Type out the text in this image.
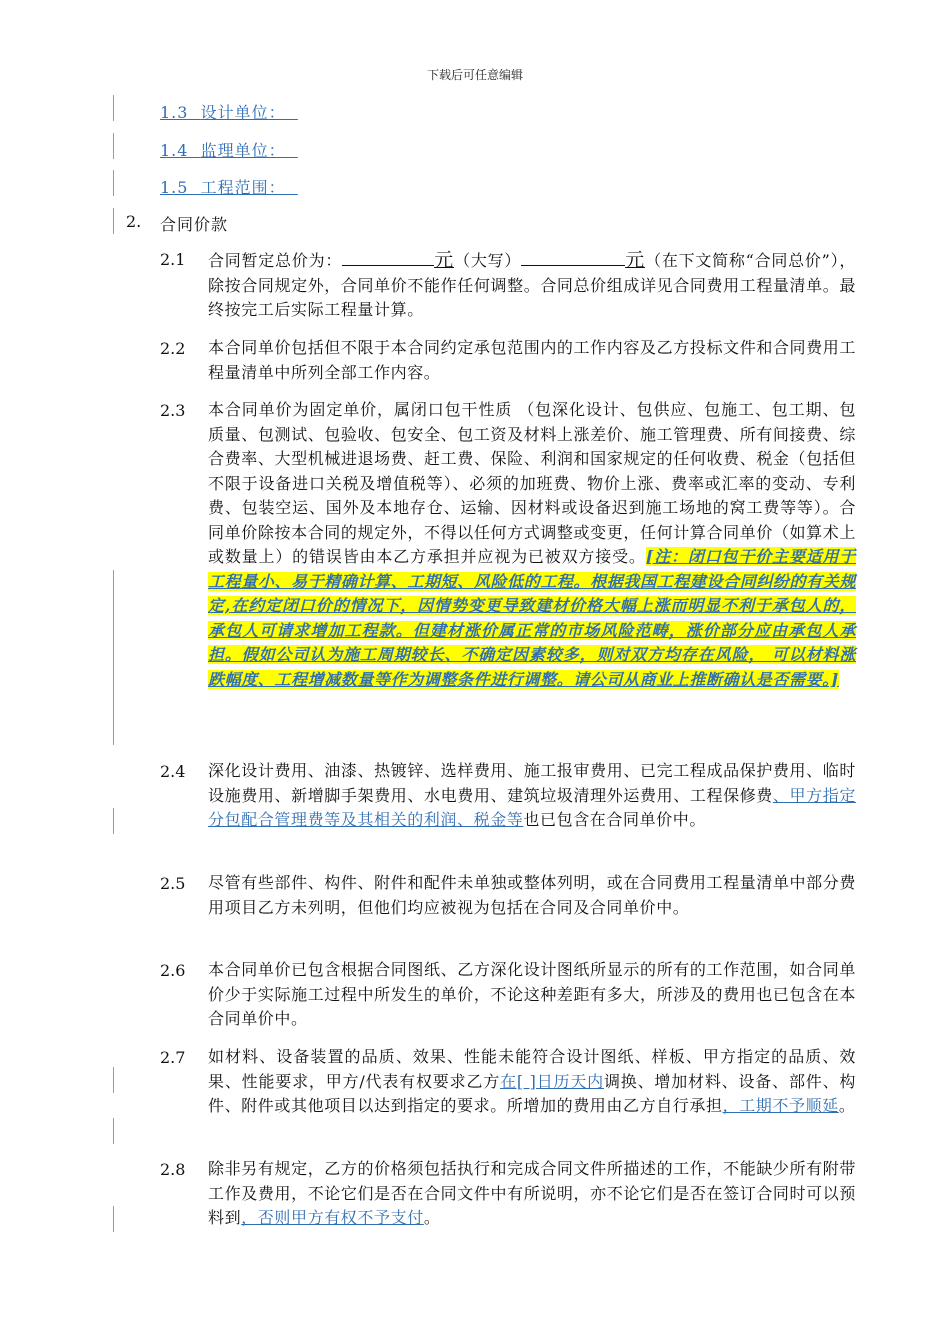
下载后可任意编辑
1.3 设计单位：
1.4 监理单位：
1.5 工程范围：
2. 合同价款
2.1 合同暂定总价为：	元（大写）	元（在下文简称“合同总价”），除按合同规定外，合同单价不能作任何调整。合同总价组成详见合同费用工程量清单。最终按完工后实际工程量计算。
2.2 本合同单价包括但不限于本合同约定承包范围内的工作内容及乙方投标文件和合同费用工程量清单中所列全部工作内容。
2.3 本合同单价为固定单价，属闭口包干性质 （包深化设计、包供应、包施工、包工期、包质量、包测试、包验收、包安全、包工资及材料上涨差价、施工管理费、所有间接费、综合费率、大型机械进退场费、赶工费、保险、利润和国家规定的任何收费、税金（包括但不限于设备进口关税及增值税等）、必须的加班费、物价上涨、费率或汇率的变动、专利费、包装空运、国外及本地存仓、运输、因材料或设备迟到施工场地的窝工费等等）。合同单价除按本合同的规定外，不得以任何方式调整或变更，任何计算合同单价（如算术上或数量上）的错误皆由本乙方承担并应视为已被双方接受。[注：闭口包干价主要适用于工程量小、易于精确计算、工期短、风险低的工程。根据我国工程建设合同纠纷的有关规定,在约定闭口价的情况下，因情势变更导致建材价格大幅上涨而明显不利于承包人的，承包人可请求增加工程款。但建材涨价属正常的市场风险范畴，涨价部分应由承包人承担。假如公司认为施工周期较长、不确定因素较多，则对双方均存在风险， 可以材料涨跌幅度、工程增减数量等作为调整条件进行调整。请公司从商业上推断确认是否需要。]
2.4 深化设计费用、油漆、热镀锌、选样费用、施工报审费用、已完工程成品保护费用、临时设施费用、新增脚手架费用、水电费用、建筑垃圾清理外运费用、工程保修费、甲方指定分包配合管理费等及其相关的利润、税金等也已包含在合同单价中。
2.5 尽管有些部件、构件、附件和配件未单独或整体列明，或在合同费用工程量清单中部分费用项目乙方未列明，但他们均应被视为包括在合同及合同单价中。
2.6 本合同单价已包含根据合同图纸、乙方深化设计图纸所显示的所有的工作范围，如合同单价少于实际施工过程中所发生的单价，不论这种差距有多大，所涉及的费用也已包含在本合同单价中。
2.7 如材料、设备装置的品质、效果、性能未能符合设计图纸、样板、甲方指定的品质、效果、性能要求，甲方/代表有权要求乙方在[ ]日历天内调换、增加材料、设备、部件、构件、附件或其他项目以达到指定的要求。所增加的费用由乙方自行承担，工期不予顺延。
2.8 除非另有规定，乙方的价格须包括执行和完成合同文件所描述的工作，不能缺少所有附带工作及费用，不论它们是否在合同文件中有所说明，亦不论它们是否在签订合同时可以预料到，否则甲方有权不予支付。
